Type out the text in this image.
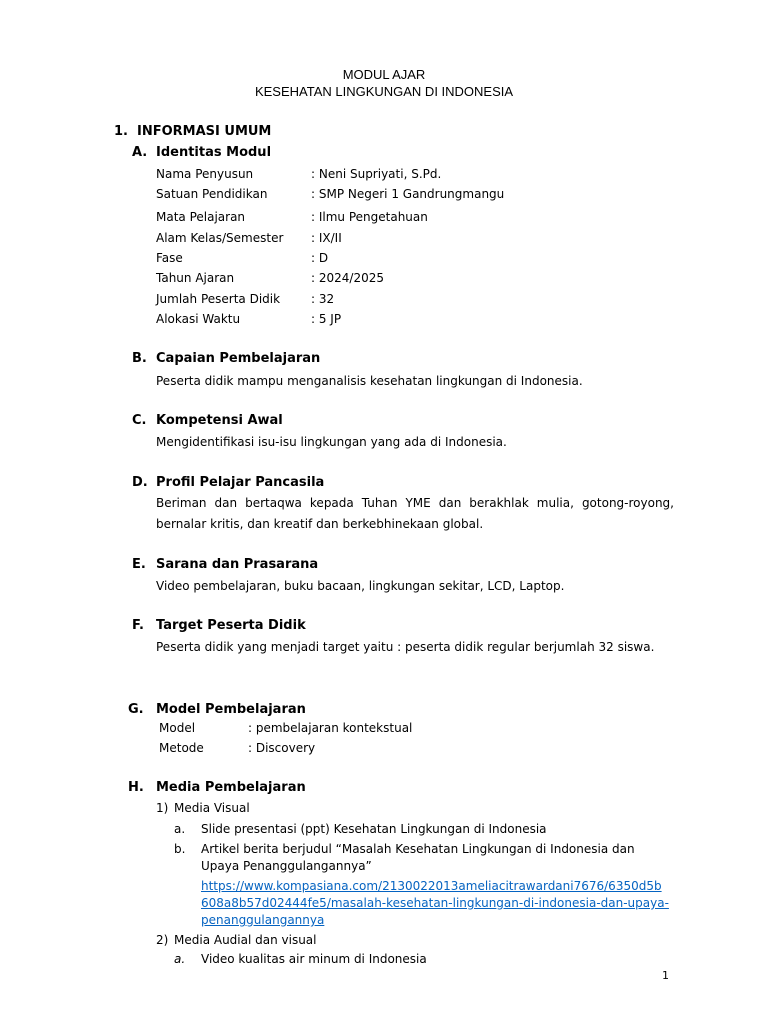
MODUL AJAR
KESEHATAN LINGKUNGAN DI INDONESIA
1. INFORMASI UMUM
A. Identitas Modul
Nama Penyusun	: Neni Supriyati, S.Pd.
Satuan Pendidikan	: SMP Negeri 1 Gandrungmangu
Mata Pelajaran	: Ilmu Pengetahuan
Alam Kelas/Semester : IX/II
Fase	: D
Tahun Ajaran	: 2024/2025
Jumlah Peserta Didik	: 32
Alokasi Waktu	: 5 JP
B. Capaian Pembelajaran
Peserta didik mampu menganalisis kesehatan lingkungan di Indonesia.
C. Kompetensi Awal
Mengidentifikasi isu-isu lingkungan yang ada di Indonesia.
D. Profil Pelajar Pancasila
Beriman dan bertaqwa kepada Tuhan YME dan berakhlak mulia, gotong-royong, bernalar kritis, dan kreatif dan berkebhinekaan global.
E. Sarana dan Prasarana
Video pembelajaran, buku bacaan, lingkungan sekitar, LCD, Laptop.
F. Target Peserta Didik
Peserta didik yang menjadi target yaitu : peserta didik regular berjumlah 32 siswa.
G. Model Pembelajaran
Model	: pembelajaran kontekstual
Metode	: Discovery
H. Media Pembelajaran
1) Media Visual
a. Slide presentasi (ppt) Kesehatan Lingkungan di Indonesia
b. Artikel berita berjudul “Masalah Kesehatan Lingkungan di Indonesia dan
Upaya Penanggulangannya”
https://www.kompasiana.com/2130022013ameliacitrawardani7676/6350d5b
608a8b57d02444fe5/masalah-kesehatan-lingkungan-di-indonesia-dan-upaya-
penanggulangannya
2) Media Audial dan visual
a. Video kualitas air minum di Indonesia
1
